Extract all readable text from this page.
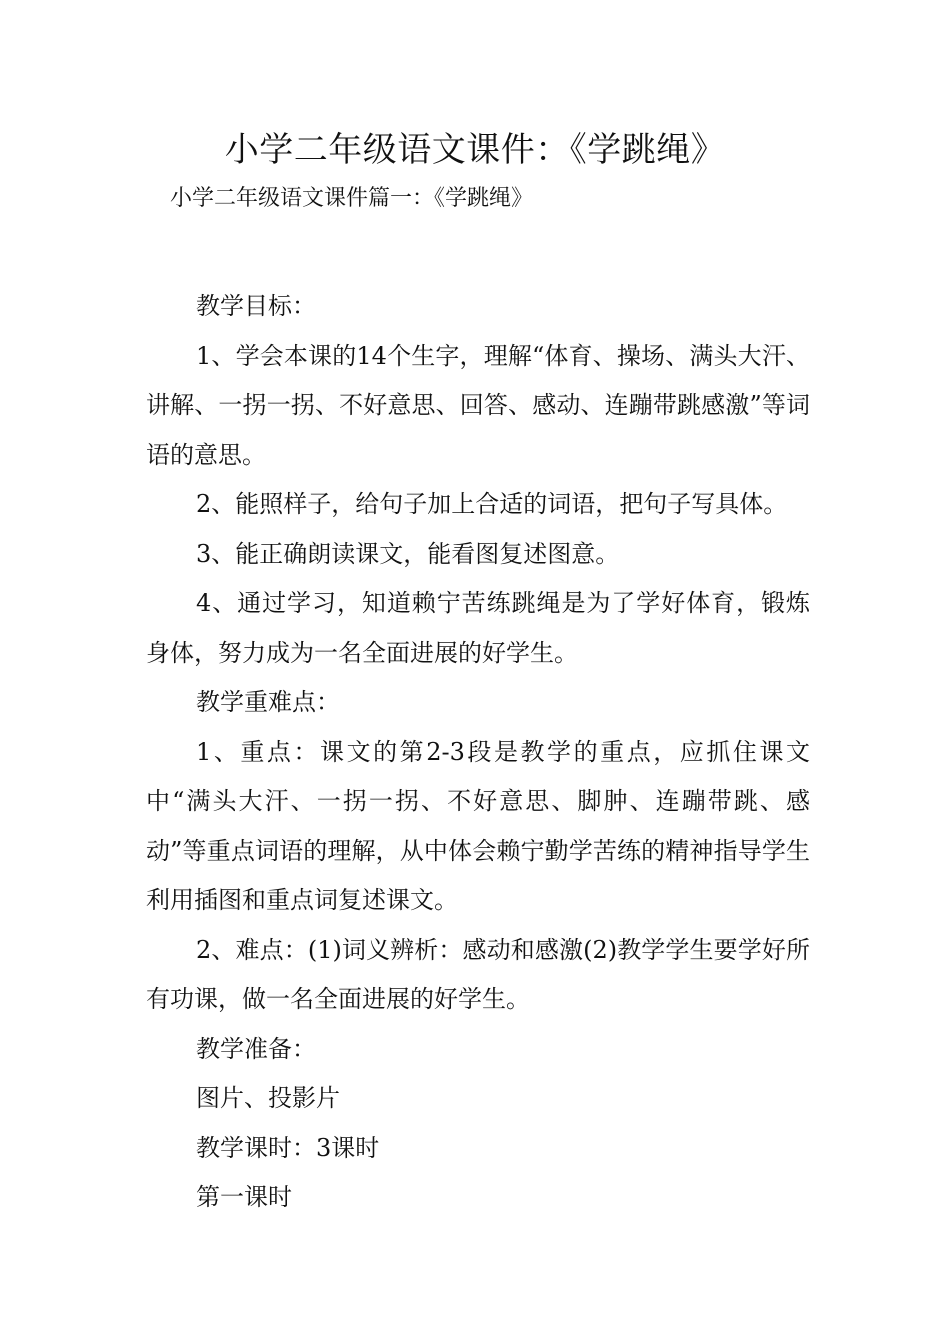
小学二年级语文课件：《学跳绳》
小学二年级语文课件篇一：《学跳绳》

教学目标：

1、学会本课的14个生字，理解“体育、操场、满头大汗、讲解、一拐一拐、不好意思、回答、感动、连蹦带跳感激”等词语的意思。

2、能照样子，给句子加上合适的词语，把句子写具体。

3、能正确朗读课文，能看图复述图意。

4、通过学习，知道赖宁苦练跳绳是为了学好体育，锻炼身体，努力成为一名全面进展的好学生。

教学重难点：

1、重点：课文的第2-3段是教学的重点，应抓住课文中“满头大汗、一拐一拐、不好意思、脚肿、连蹦带跳、感动”等重点词语的理解，从中体会赖宁勤学苦练的精神指导学生利用插图和重点词复述课文。

2、难点：(1)词义辨析：感动和感激(2)教学学生要学好所有功课，做一名全面进展的好学生。

教学准备：

图片、投影片

教学课时：3课时

第一课时
